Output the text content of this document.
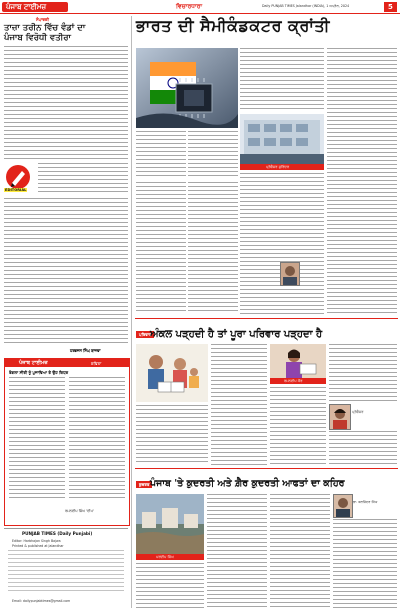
ਪੰਜਾਬ ਟਾਈਮਜ਼	ਵਿਚਾਰਧਾਰਾ	Daily PUNJAB TIMES Jalandhar (INDIA), 1 ਅਪ੍ਰੈਲ, 2024	5
ਸੰਪਾਦਕੀ
ਤਾਜ਼ਾ ਤਰੀਨ ਵਿੱਚ ਵੰਡਾਂ ਦਾ
ਪੰਜਾਬ ਵਿਰੋਧੀ ਵਤੀਰਾ
EDITORIAL
ਹਰਭਜਨ ਸਿੰਘ ਬਾਜਵਾ
ਪੰਜਾਬ ਟਾਈਮਜ਼	ਕਵਿਤਾ
ਰੰਗਲਾ ਸੀਤੀ ਨੂੰ ਪੁਜਾਵਿਆ ਤੇ ਉਹ ਕਿਧਰ
ਰਮਨਦੀਪ ਸਿੰਘ 'ਦੀਪ'
PUNJAB TIMES (Daily Punjabi)
Editor: Harbhajan Singh Bajwa
Printed & published at Jalandhar
Email: dailypunjabtimes@gmail.com
ਭਾਰਤ ਦੀ ਸੈਮੀਕੰਡਕਟਰ ਕ੍ਰਾਂਤੀ
ਪ੍ਰੋਫੈਸਰ ਸੁਰਿੰਦਰ
ਪਰਿਵਾਰ
ਅੰਕਲ ਪੜ੍ਹਦੀ ਹੈ ਤਾਂ ਪੂਰਾ ਪਰਿਵਾਰ ਪੜ੍ਹਦਾ ਹੈ
ਰਮਨਦੀਪ ਕੌਰ
ਪ੍ਰੋਫੈਸਰ
ਕੁਦਰਤ ਪੰਜਾਬ 'ਤੇ ਕੁਦਰਤੀ ਅਤੇ ਗ਼ੈਰ ਕੁਦਰਤੀ ਆਫਤਾਂ ਦਾ ਕਹਿਰ
ਪਰਦੀਪ ਸਿੰਘ
ਡਾ. ਬਲਜਿੰਦਰ ਸਿੰਘ
